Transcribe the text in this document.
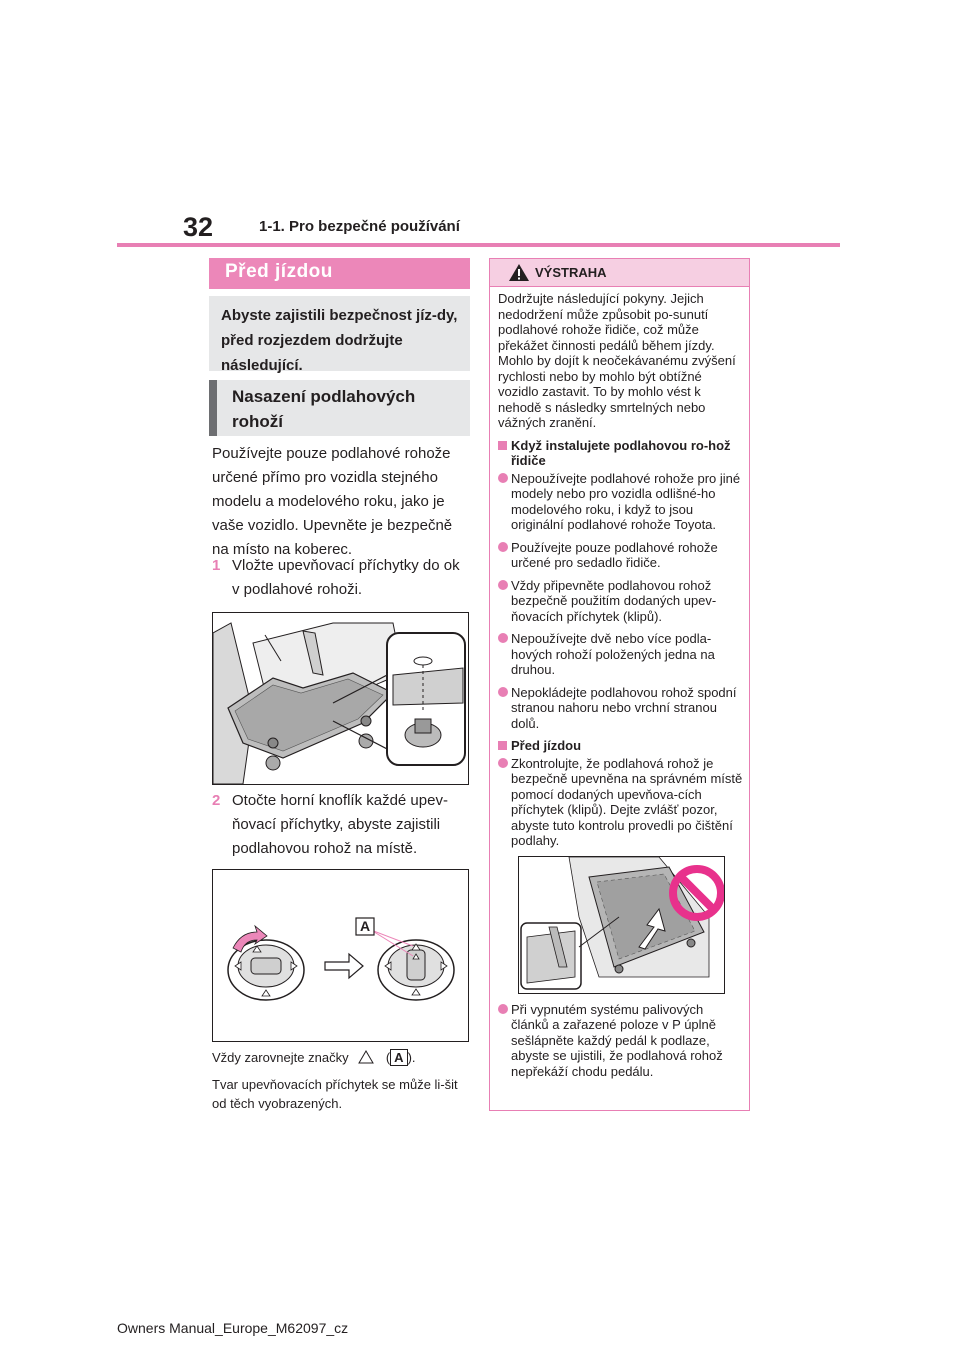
32	1-1. Pro bezpečné používání
Před jízdou
Abyste zajistili bezpečnost jíz-dy, před rozjezdem dodržujte následující.
Nasazení podlahových rohoží
Používejte pouze podlahové rohože určené přímo pro vozidla stejného modelu a modelového roku, jako je vaše vozidlo. Upevněte je bezpečně na místo na koberec.
1 Vložte upevňovací příchytky do ok v podlahové rohoži.
2 Otočte horní knoflík každé upev-ňovací příchytky, abyste zajistili podlahovou rohož na místě.
A
Vždy zarovnejte značky	( A ).
Tvar upevňovacích příchytek se může li-šit od těch vyobrazených.
VÝSTRAHA

Dodržujte následující pokyny. Jejich nedodržení může způsobit po-sunutí podlahové rohože řidiče, což může překážet činnosti pedálů během jízdy. Mohlo by dojít k neočekávanému zvýšení rychlosti nebo by mohlo být obtížné vozidlo zastavit. To by mohlo vést k nehodě s následky smrtelných nebo vážných zranění.

Když instalujete podlahovou ro-hož řidiče
Nepoužívejte podlahové rohože pro jiné modely nebo pro vozidla odlišné-ho modelového roku, i když to jsou originální podlahové rohože Toyota.
Používejte pouze podlahové rohože určené pro sedadlo řidiče.
Vždy připevněte podlahovou rohož bezpečně použitím dodaných upev-ňovacích příchytek (klipů).
Nepoužívejte dvě nebo více podla-hových rohoží položených jedna na druhou.
Nepokládejte podlahovou rohož spodní stranou nahoru nebo vrchní stranou dolů.
Před jízdou
Zkontrolujte, že podlahová rohož je bezpečně upevněna na správném místě pomocí dodaných upevňova-cích příchytek (klipů). Dejte zvlášť pozor, abyste tuto kontrolu provedli po čištění podlahy.
Při vypnutém systému palivových článků a zařazené poloze v P úplně sešlápněte každý pedál k podlaze, abyste se ujistili, že podlahová rohož nepřekáží chodu pedálu.
Owners Manual_Europe_M62097_cz
